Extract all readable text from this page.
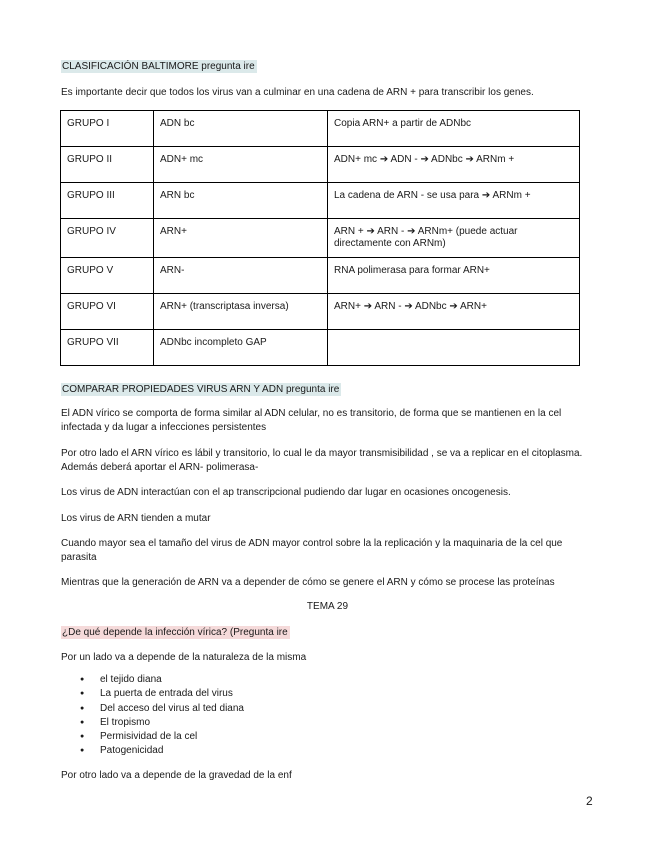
CLASIFICACIÓN BALTIMORE pregunta ire

Es importante decir que todos los virus van a culminar en una cadena de ARN + para transcribir los genes.

GRUPO I	ADN bc	Copia ARN+ a partir de ADNbc
GRUPO II	ADN+ mc	ADN+ mc ➔ ADN - ➔ ADNbc ➔ ARNm +
GRUPO III	ARN bc	La cadena de ARN - se usa para ➔ ARNm +
GRUPO IV	ARN+	ARN + ➔ ARN - ➔ ARNm+ (puede actuar directamente con ARNm)
GRUPO V	ARN-	RNA polimerasa para formar ARN+
GRUPO VI	ARN+ (transcriptasa inversa)	ARN+ ➔ ARN - ➔ ADNbc ➔ ARN+
GRUPO VII	ADNbc incompleto GAP	

COMPARAR PROPIEDADES VIRUS ARN Y ADN pregunta ire

El ADN vírico se comporta de forma similar al ADN celular, no es transitorio, de forma que se mantienen en la cel infectada y da lugar a infecciones persistentes

Por otro lado el ARN vírico es lábil y transitorio, lo cual le da mayor transmisibilidad , se va a replicar en el citoplasma. Además deberá aportar el ARN- polimerasa-

Los virus de ADN interactúan con el ap transcripcional pudiendo dar lugar en ocasiones oncogenesis.

Los virus de ARN tienden a mutar

Cuando mayor sea el tamaño del virus de ADN mayor control sobre la la replicación y la maquinaria de la cel que parasita

Mientras que la generación de ARN va a depender de cómo se genere el ARN y cómo se procese las proteínas

TEMA 29

¿De qué depende la infección vírica? (Pregunta ire

Por un lado va a depende de la naturaleza de la misma

● el tejido diana
● La puerta de entrada del virus
● Del acceso del virus al ted diana
● El tropismo
● Permisividad de la cel
● Patogenicidad

Por otro lado va a depende de la gravedad de la enf

2
